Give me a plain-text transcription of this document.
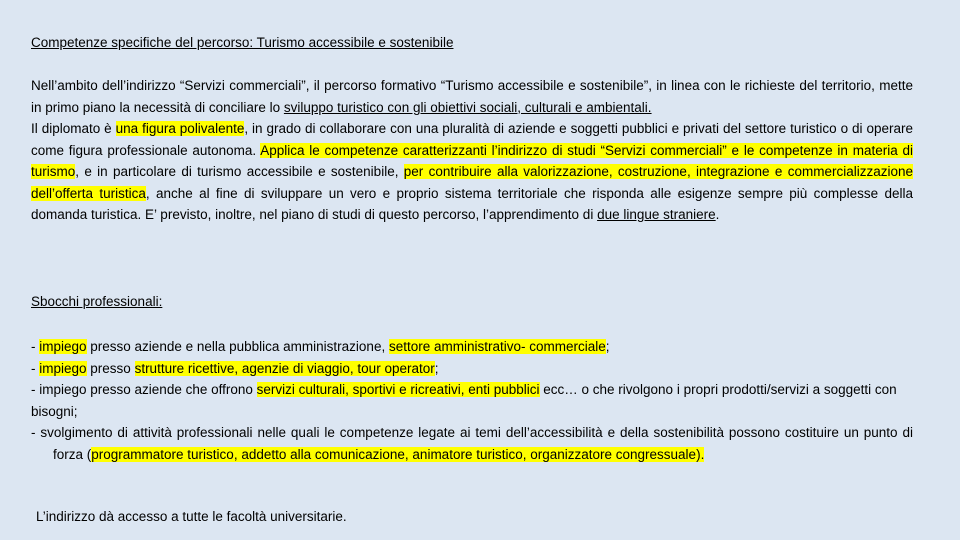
Competenze specifiche del percorso: Turismo accessibile e sostenibile
Nell’ambito dell’indirizzo “Servizi commerciali”, il percorso formativo “Turismo accessibile e sostenibile”, in linea con le richieste del territorio, mette in primo piano la necessità di conciliare lo sviluppo turistico con gli obiettivi sociali, culturali e ambientali.
Il diplomato è una figura polivalente, in grado di collaborare con una pluralità di aziende e soggetti pubblici e privati del settore turistico o di operare come figura professionale autonoma. Applica le competenze caratterizzanti l’indirizzo di studi “Servizi commerciali” e le competenze in materia di turismo, e in particolare di turismo accessibile e sostenibile, per contribuire alla valorizzazione, costruzione, integrazione e commercializzazione dell’offerta turistica, anche al fine di sviluppare un vero e proprio sistema territoriale che risponda alle esigenze sempre più complesse della domanda turistica. E’ previsto, inoltre, nel piano di studi di questo percorso, l’apprendimento di due lingue straniere.
Sbocchi professionali:
- impiego presso aziende e nella pubblica amministrazione, settore amministrativo- commerciale;
- impiego presso strutture ricettive, agenzie di viaggio, tour operator;
- impiego presso aziende che offrono servizi culturali, sportivi e ricreativi, enti pubblici ecc… o che rivolgono i propri prodotti/servizi a soggetti con bisogni;
- svolgimento di attività professionali nelle quali le competenze legate ai temi dell’accessibilità e della sostenibilità possono costituire un punto di forza (programmatore turistico, addetto alla comunicazione, animatore turistico, organizzatore congressuale).
L’indirizzo dà accesso a tutte le facoltà universitarie.
